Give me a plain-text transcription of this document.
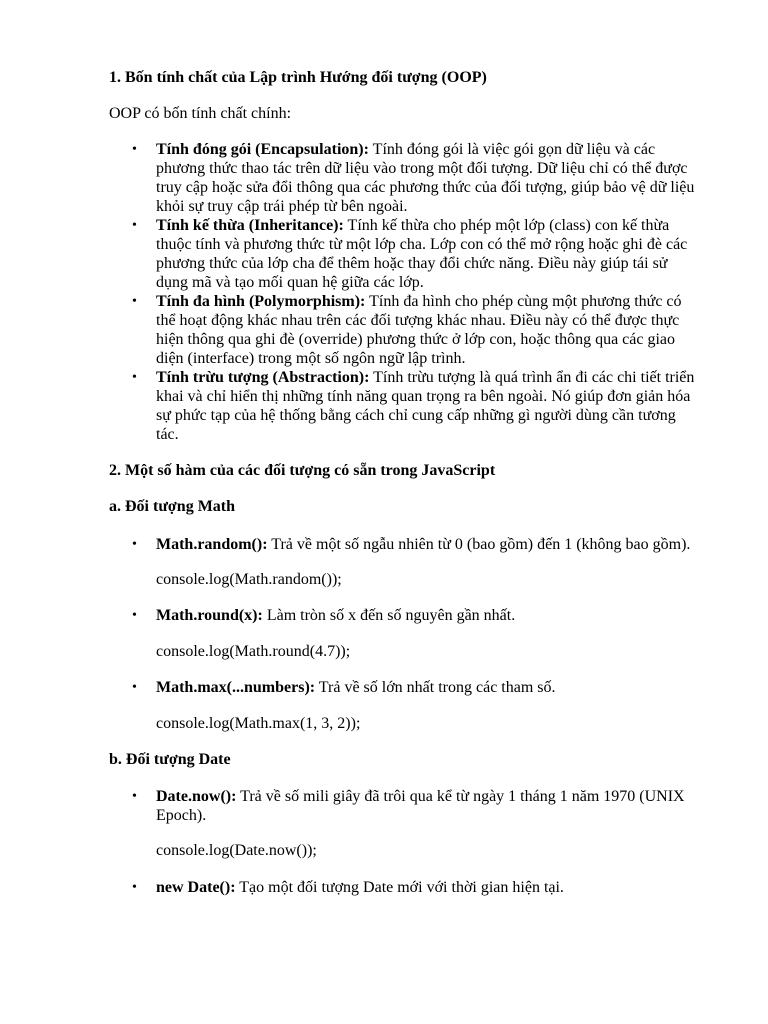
1. Bốn tính chất của Lập trình Hướng đối tượng (OOP)

OOP có bốn tính chất chính:

• Tính đóng gói (Encapsulation): Tính đóng gói là việc gói gọn dữ liệu và các phương thức thao tác trên dữ liệu vào trong một đối tượng. Dữ liệu chỉ có thể được truy cập hoặc sửa đổi thông qua các phương thức của đối tượng, giúp bảo vệ dữ liệu khỏi sự truy cập trái phép từ bên ngoài.
• Tính kế thừa (Inheritance): Tính kế thừa cho phép một lớp (class) con kế thừa thuộc tính và phương thức từ một lớp cha. Lớp con có thể mở rộng hoặc ghi đè các phương thức của lớp cha để thêm hoặc thay đổi chức năng. Điều này giúp tái sử dụng mã và tạo mối quan hệ giữa các lớp.
• Tính đa hình (Polymorphism): Tính đa hình cho phép cùng một phương thức có thể hoạt động khác nhau trên các đối tượng khác nhau. Điều này có thể được thực hiện thông qua ghi đè (override) phương thức ở lớp con, hoặc thông qua các giao diện (interface) trong một số ngôn ngữ lập trình.
• Tính trừu tượng (Abstraction): Tính trừu tượng là quá trình ẩn đi các chi tiết triển khai và chỉ hiển thị những tính năng quan trọng ra bên ngoài. Nó giúp đơn giản hóa sự phức tạp của hệ thống bằng cách chỉ cung cấp những gì người dùng cần tương tác.
2. Một số hàm của các đối tượng có sẵn trong JavaScript
a. Đối tượng Math
• Math.random(): Trả về một số ngẫu nhiên từ 0 (bao gồm) đến 1 (không bao gồm).

console.log(Math.random());

• Math.round(x): Làm tròn số x đến số nguyên gần nhất.

console.log(Math.round(4.7));

• Math.max(...numbers): Trả về số lớn nhất trong các tham số.

console.log(Math.max(1, 3, 2));

b. Đối tượng Date
• Date.now(): Trả về số mili giây đã trôi qua kể từ ngày 1 tháng 1 năm 1970 (UNIX Epoch).

console.log(Date.now());

• new Date(): Tạo một đối tượng Date mới với thời gian hiện tại.
